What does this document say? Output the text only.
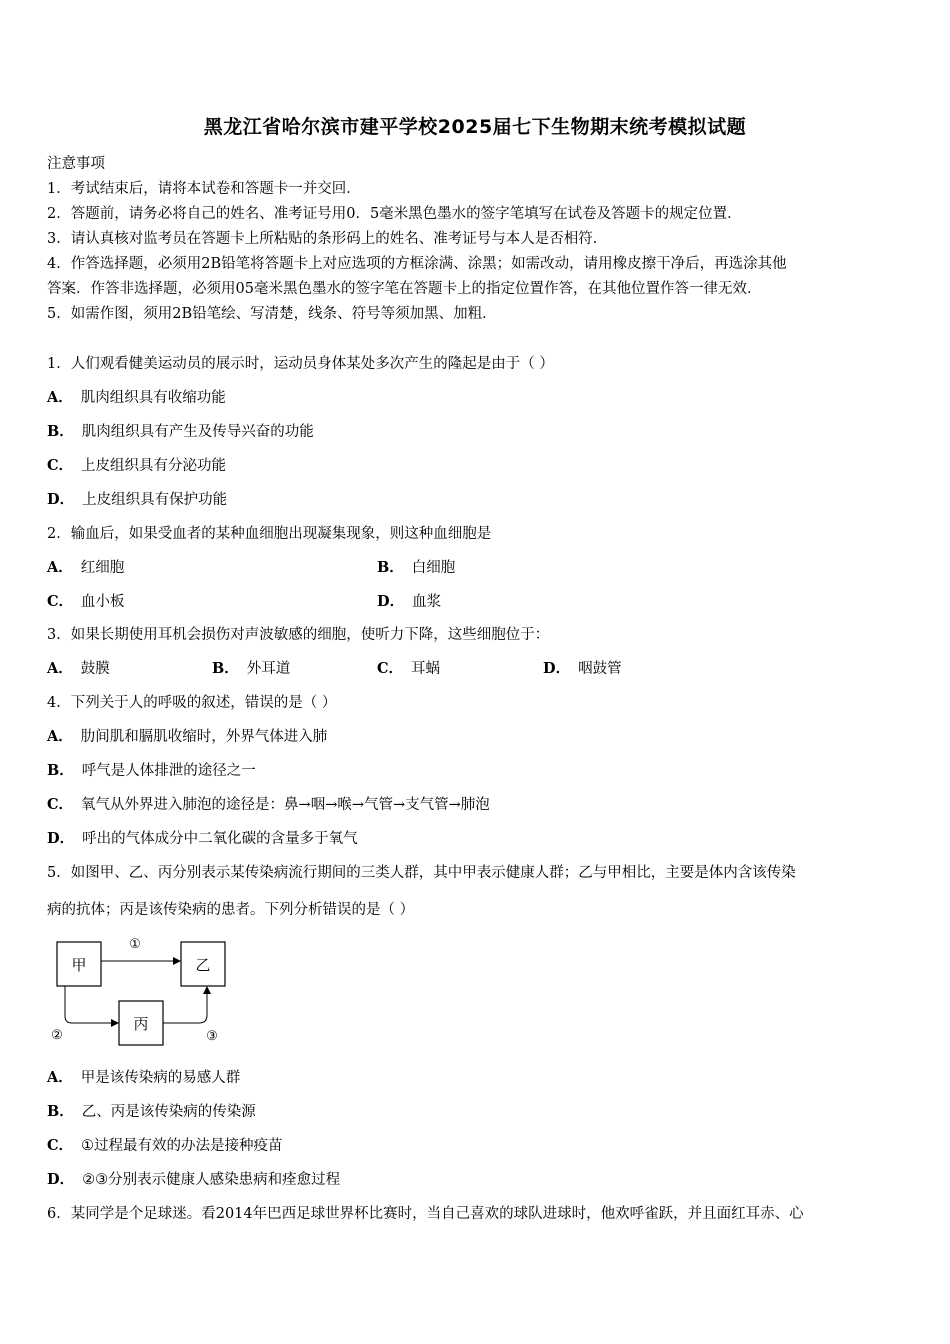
黑龙江省哈尔滨市建平学校2025届七下生物期末统考模拟试题
注意事项
1．考试结束后，请将本试卷和答题卡一并交回．
2．答题前，请务必将自己的姓名、准考证号用0．5毫米黑色墨水的签字笔填写在试卷及答题卡的规定位置．
3．请认真核对监考员在答题卡上所粘贴的条形码上的姓名、准考证号与本人是否相符．
4．作答选择题，必须用2B铅笔将答题卡上对应选项的方框涂满、涂黑；如需改动，请用橡皮擦干净后，再选涂其他
答案．作答非选择题，必须用05毫米黑色墨水的签字笔在答题卡上的指定位置作答，在其他位置作答一律无效．
5．如需作图，须用2B铅笔绘、写清楚，线条、符号等须加黑、加粗．
1．人们观看健美运动员的展示时，运动员身体某处多次产生的隆起是由于（ ）
A． 肌肉组织具有收缩功能
B． 肌肉组织具有产生及传导兴奋的功能
C． 上皮组织具有分泌功能
D． 上皮组织具有保护功能
2．输血后，如果受血者的某种血细胞出现凝集现象，则这种血细胞是
A． 红细胞	B． 白细胞
C． 血小板	D． 血浆
3．如果长期使用耳机会损伤对声波敏感的细胞，使听力下降，这些细胞位于：
A． 鼓膜	B． 外耳道	C． 耳蜗	D． 咽鼓管
4．下列关于人的呼吸的叙述，错误的是（ ）
A． 肋间肌和膈肌收缩时，外界气体进入肺
B． 呼气是人体排泄的途径之一
C． 氧气从外界进入肺泡的途径是：鼻→咽→喉→气管→支气管→肺泡
D． 呼出的气体成分中二氧化碳的含量多于氧气
5．如图甲、乙、丙分别表示某传染病流行期间的三类人群，其中甲表示健康人群；乙与甲相比，主要是体内含该传染
病的抗体；丙是该传染病的患者。下列分析错误的是（ ）
甲	乙
丙
①
②	③
A． 甲是该传染病的易感人群
B． 乙、丙是该传染病的传染源
C． ①过程最有效的办法是接种疫苗
D． ②③分别表示健康人感染患病和痊愈过程
6．某同学是个足球迷。看2014年巴西足球世界杯比赛时，当自己喜欢的球队进球时，他欢呼雀跃，并且面红耳赤、心
